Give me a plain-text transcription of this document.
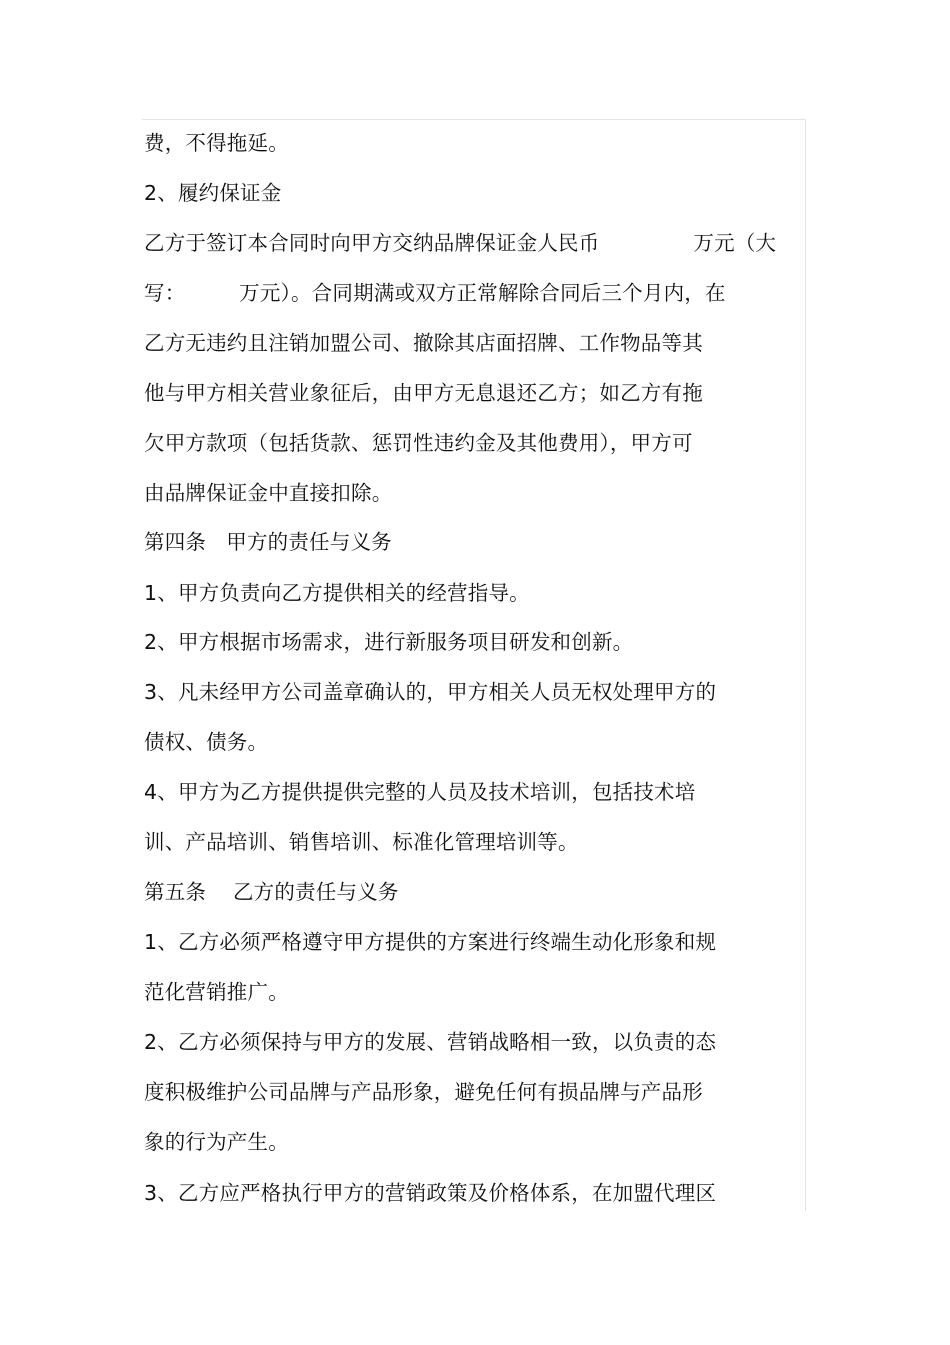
费，不得拖延。
2、履约保证金
乙方于签订本合同时向甲方交纳品牌保证金人民币              万元（大
写：        万元）。合同期满或双方正常解除合同后三个月内，在
乙方无违约且注销加盟公司、撤除其店面招牌、工作物品等其
他与甲方相关营业象征后，由甲方无息退还乙方；如乙方有拖
欠甲方款项（包括货款、惩罚性违约金及其他费用），甲方可
由品牌保证金中直接扣除。
第四条   甲方的责任与义务
1、甲方负责向乙方提供相关的经营指导。
2、甲方根据市场需求，进行新服务项目研发和创新。
3、凡未经甲方公司盖章确认的，甲方相关人员无权处理甲方的
债权、债务。
4、甲方为乙方提供提供完整的人员及技术培训，包括技术培
训、产品培训、销售培训、标准化管理培训等。
第五条    乙方的责任与义务
1、乙方必须严格遵守甲方提供的方案进行终端生动化形象和规
范化营销推广。
2、乙方必须保持与甲方的发展、营销战略相一致，以负责的态
度积极维护公司品牌与产品形象，避免任何有损品牌与产品形
象的行为产生。
3、乙方应严格执行甲方的营销政策及价格体系，在加盟代理区
